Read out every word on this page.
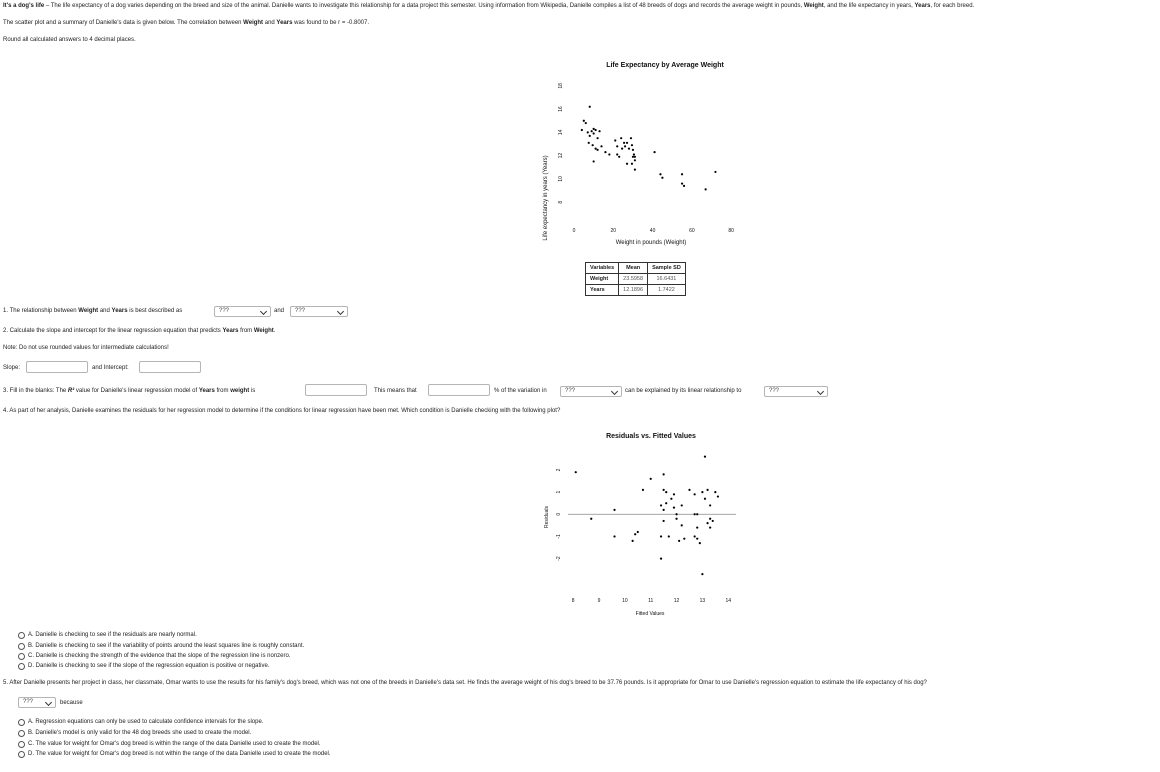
It's a dog's life – The life expectancy of a dog varies depending on the breed and size of the animal. Danielle wants to investigate this relationship for a data project this semester. Using information from Wikipedia, Danielle compiles a list of 48 breeds of dogs and records the average weight in pounds, Weight, and the life expectancy in years, Years, for each breed.
The scatter plot and a summary of Danielle's data is given below. The correlation between Weight and Years was found to be r = -0.8007.
Round all calculated answers to 4 decimal places.
Life Expectancy by Average Weight
Life expectancy in years (Years)
Weight in pounds (Weight)
0	20	40	60	80
8
10
12
14
16
18
Variables	Mean	Sample SD
Weight	23.5958	16.6431
Years	12.1896	1.7422
1. The relationship between Weight and Years is best described as	???	and	???
2. Calculate the slope and intercept for the linear regression equation that predicts Years from Weight.
Note: Do not use rounded values for intermediate calculations!
Slope:	and Intercept:
3. Fill in the blanks: The R² value for Danielle's linear regression model of Years from weight is	This means that	% of the variation in	???	can be explained by its linear relationship to	???
4. As part of her analysis, Danielle examines the residuals for her regression model to determine if the conditions for linear regression have been met. Which condition is Danielle checking with the following plot?
Residuals vs. Fitted Values
Residuals
Fitted Values
8	9	10	11	12	13	14
-2
-1
0
1
2
A. Danielle is checking to see if the residuals are nearly normal.
B. Danielle is checking to see if the variability of points around the least squares line is roughly constant.
C. Danielle is checking the strength of the evidence that the slope of the regression line is nonzero.
D. Danielle is checking to see if the slope of the regression equation is positive or negative.
5. After Danielle presents her project in class, her classmate, Omar wants to use the results for his family's dog's breed, which was not one of the breeds in Danielle's data set. He finds the average weight of his dog's breed to be 37.76 pounds. Is it appropriate for Omar to use Danielle's regression equation to estimate the life expectancy of his dog?
???	because
A. Regression equations can only be used to calculate confidence intervals for the slope.
B. Danielle's model is only valid for the 48 dog breeds she used to create the model.
C. The value for weight for Omar's dog breed is within the range of the data Danielle used to create the model.
D. The value for weight for Omar's dog breed is not within the range of the data Danielle used to create the model.
